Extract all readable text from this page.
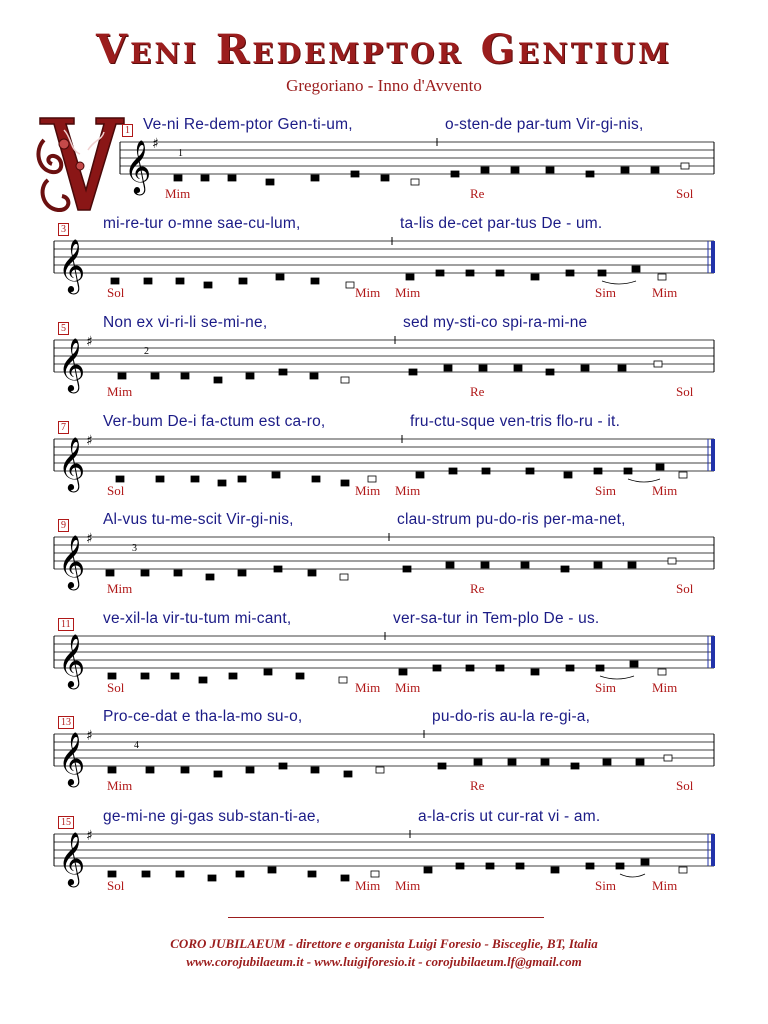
Veni Redemptor Gentium
Gregoriano - Inno d'Avvento
V
1
𝄞 ♯
1
Ve-ni Re-dem-ptor Gen-ti-um,	o-sten-de par-tum Vir-gi-nis,
Mim	Re	Sol
3
𝄞
mi-re-tur o-mne sae-cu-lum,	ta-lis de-cet par-tus De - um.
Sol	Mim Mim	Sim	Mim
5
𝄞 ♯
2
Non ex vi-ri-li se-mi-ne,	sed my-sti-co spi-ra-mi-ne
Mim	Re	Sol
7
𝄞 ♯
Ver-bum De-i fa-ctum est ca-ro,	fru-ctu-sque ven-tris flo-ru - it.
Sol	Mim Mim	Sim	Mim
9
𝄞 ♯
3
Al-vus tu-me-scit Vir-gi-nis,	clau-strum pu-do-ris per-ma-net,
Mim	Re	Sol
11
𝄞
ve-xil-la vir-tu-tum mi-cant,	ver-sa-tur in Tem-plo De - us.
Sol	Mim Mim	Sim	Mim
13
𝄞 ♯
4
Pro-ce-dat e tha-la-mo su-o,	pu-do-ris au-la re-gi-a,
Mim	Re	Sol
15
𝄞 ♯
ge-mi-ne gi-gas sub-stan-ti-ae,	a-la-cris ut cur-rat vi - am.
Sol	Mim Mim	Sim	Mim
CORO JUBILAEUM - direttore e organista Luigi Foresio - Bisceglie, BT, Italia
www.corojubilaeum.it - www.luigiforesio.it - corojubilaeum.lf@gmail.com
